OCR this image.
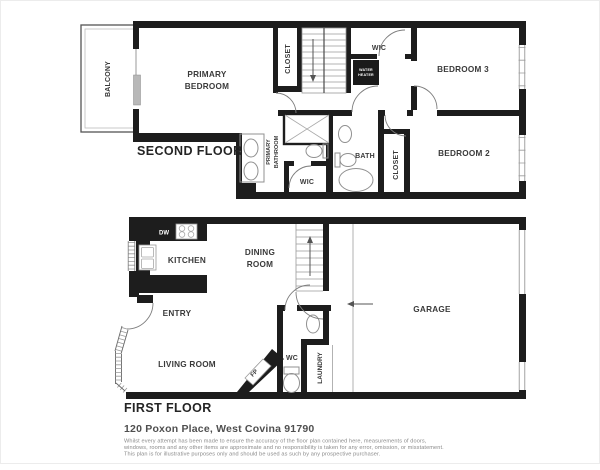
WATER
HEATER
PRIMARY
BEDROOM
BALCONY
CLOSET	WIC
BEDROOM 3
BATH	CLOSET	BEDROOM 2
PRIMARY BATHROOM
WIC
SECOND FLOOR
DW
FP
KITCHEN
DINING
ROOM
ENTRY
LIVING ROOM
WC	LAUNDRY
GARAGE
FIRST FLOOR
120 Poxon Place, West Covina 91790
Whilst every attempt has been made to ensure the accuracy of the floor plan contained here, measurements of doors,
windows, rooms and any other items are approximate and no responsibility is taken for any error, omission, or misstatement.
This plan is for illustrative purposes only and should be used as such by any prospective purchaser.
